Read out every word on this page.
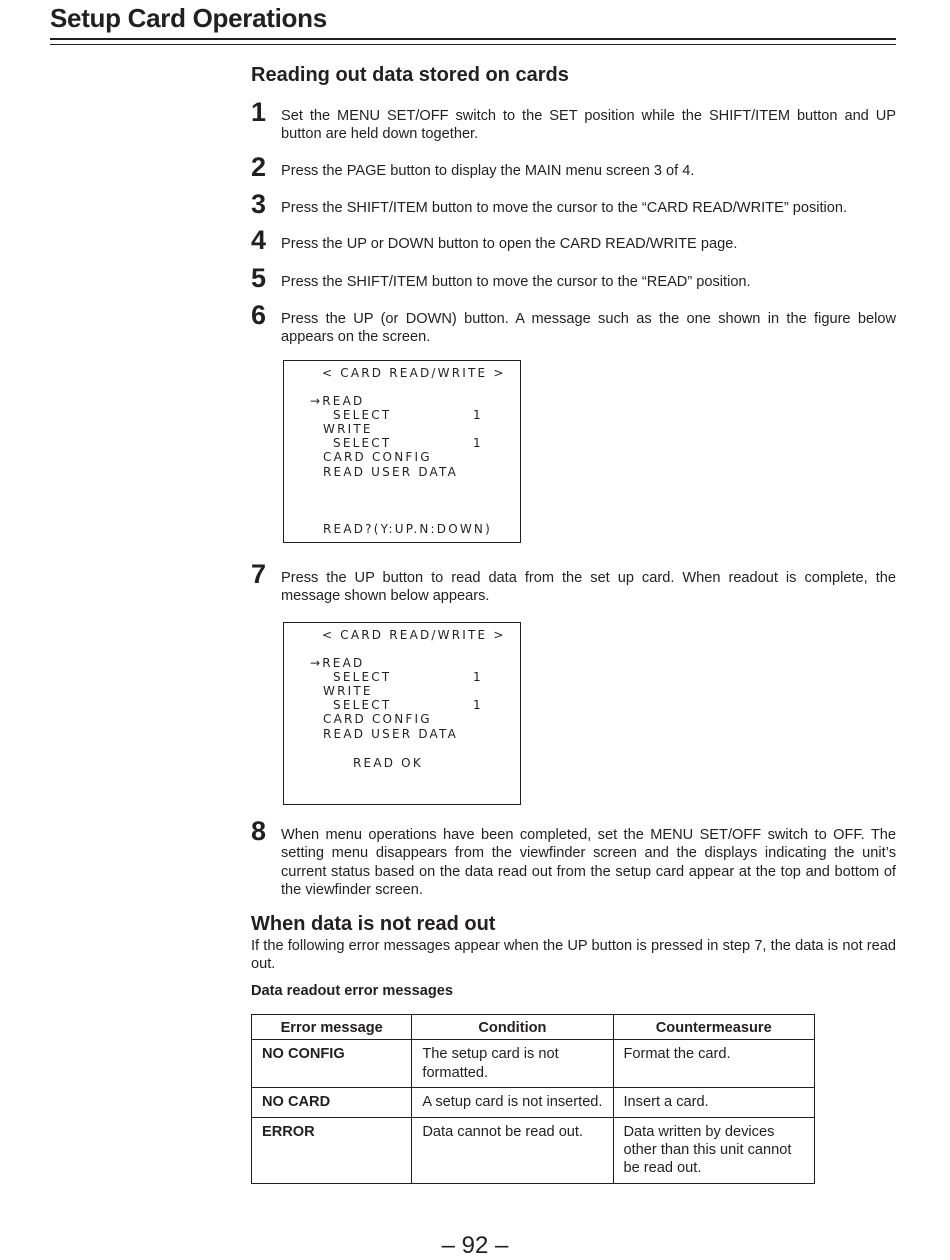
Setup Card Operations
Reading out data stored on cards
1 Set the MENU SET/OFF switch to the SET position while the SHIFT/ITEM button and UP button are held down together.
2 Press the PAGE button to display the MAIN menu screen 3 of 4.
3 Press the SHIFT/ITEM button to move the cursor to the “CARD READ/WRITE” position.
4 Press the UP or DOWN button to open the CARD READ/WRITE page.
5 Press the SHIFT/ITEM button to move the cursor to the “READ” position.
6 Press the UP (or DOWN) button. A message such as the one shown in the figure below appears on the screen.
< CARD READ/WRITE >
→READ
SELECT	1
WRITE
SELECT	1
CARD CONFIG
READ USER DATA
READ?(Y:UP.N:DOWN)
7 Press the UP button to read data from the set up card. When readout is complete, the message shown below appears.
< CARD READ/WRITE >
→READ
SELECT	1
WRITE
SELECT	1
CARD CONFIG
READ USER DATA
READ OK
8 When menu operations have been completed, set the MENU SET/OFF switch to OFF. The setting menu disappears from the viewfinder screen and the displays indicating the unit’s current status based on the data read out from the setup card appear at the top and bottom of the viewfinder screen.
When data is not read out
If the following error messages appear when the UP button is pressed in step 7, the data is not read out.
Data readout error messages
Error message	Condition	Countermeasure
NO CONFIG	The setup card is not formatted.	Format the card.
NO CARD	A setup card is not inserted.	Insert a card.
ERROR	Data cannot be read out.	Data written by devices other than this unit cannot be read out.
– 92 –
